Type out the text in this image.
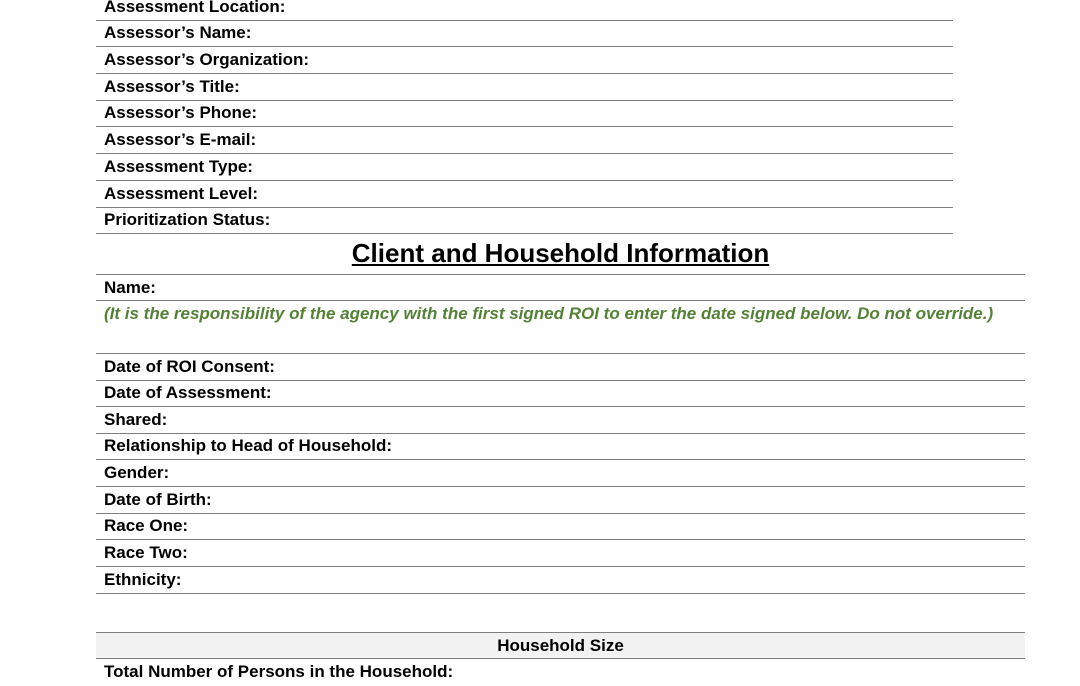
Assessment Location:
Assessor’s Name:
Assessor’s Organization:
Assessor’s Title:
Assessor’s Phone:
Assessor’s E-mail:
Assessment Type:
Assessment Level:
Prioritization Status:
Client and Household Information
Name:
(It is the responsibility of the agency with the first signed ROI to enter the date signed below. Do not override.)
Date of ROI Consent:
Date of Assessment:
Shared:
Relationship to Head of Household:
Gender:
Date of Birth:
Race One:
Race Two:
Ethnicity:
Household Size
Total Number of Persons in the Household:
